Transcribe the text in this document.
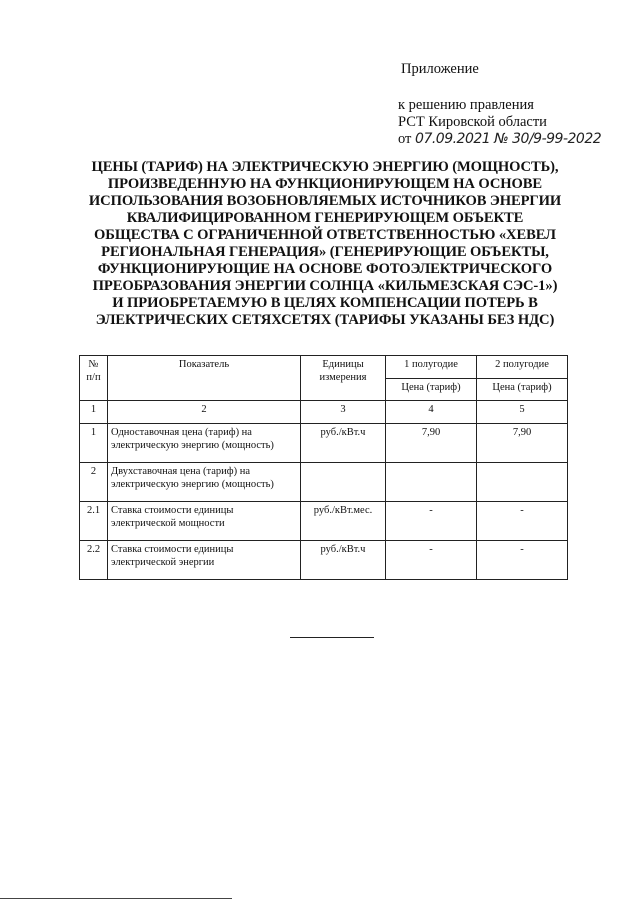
Приложение
к решению правления
РСТ Кировской области
от 07.09.2021 № 30/9-99-2022
ЦЕНЫ (ТАРИФ) НА ЭЛЕКТРИЧЕСКУЮ ЭНЕРГИЮ (МОЩНОСТЬ),
ПРОИЗВЕДЕННУЮ НА ФУНКЦИОНИРУЮЩЕМ НА ОСНОВЕ
ИСПОЛЬЗОВАНИЯ ВОЗОБНОВЛЯЕМЫХ ИСТОЧНИКОВ ЭНЕРГИИ
КВАЛИФИЦИРОВАННОМ ГЕНЕРИРУЮЩЕМ ОБЪЕКТЕ
ОБЩЕСТВА С ОГРАНИЧЕННОЙ ОТВЕТСТВЕННОСТЬЮ «ХЕВЕЛ
РЕГИОНАЛЬНАЯ ГЕНЕРАЦИЯ» (ГЕНЕРИРУЮЩИЕ ОБЪЕКТЫ,
ФУНКЦИОНИРУЮЩИЕ НА ОСНОВЕ ФОТОЭЛЕКТРИЧЕСКОГО
ПРЕОБРАЗОВАНИЯ ЭНЕРГИИ СОЛНЦА «КИЛЬМЕЗСКАЯ СЭС-1»)
И ПРИОБРЕТАЕМУЮ В ЦЕЛЯХ КОМПЕНСАЦИИ ПОТЕРЬ В
ЭЛЕКТРИЧЕСКИХ СЕТЯХСЕТЯХ (ТАРИФЫ УКАЗАНЫ БЕЗ НДС)
№ п/п	Показатель	Единицы измерения	1 полугодие	2 полугодие
			Цена (тариф)	Цена (тариф)
1	2	3	4	5
1	Одноставочная цена (тариф) на электрическую энергию (мощность)	руб./кВт.ч	7,90	7,90
2	Двухставочная цена (тариф) на электрическую энергию (мощность)			
2.1	Ставка стоимости единицы электрической мощности	руб./кВт.мес.	-	-
2.2	Ставка стоимости единицы электрической энергии	руб./кВт.ч	-	-
